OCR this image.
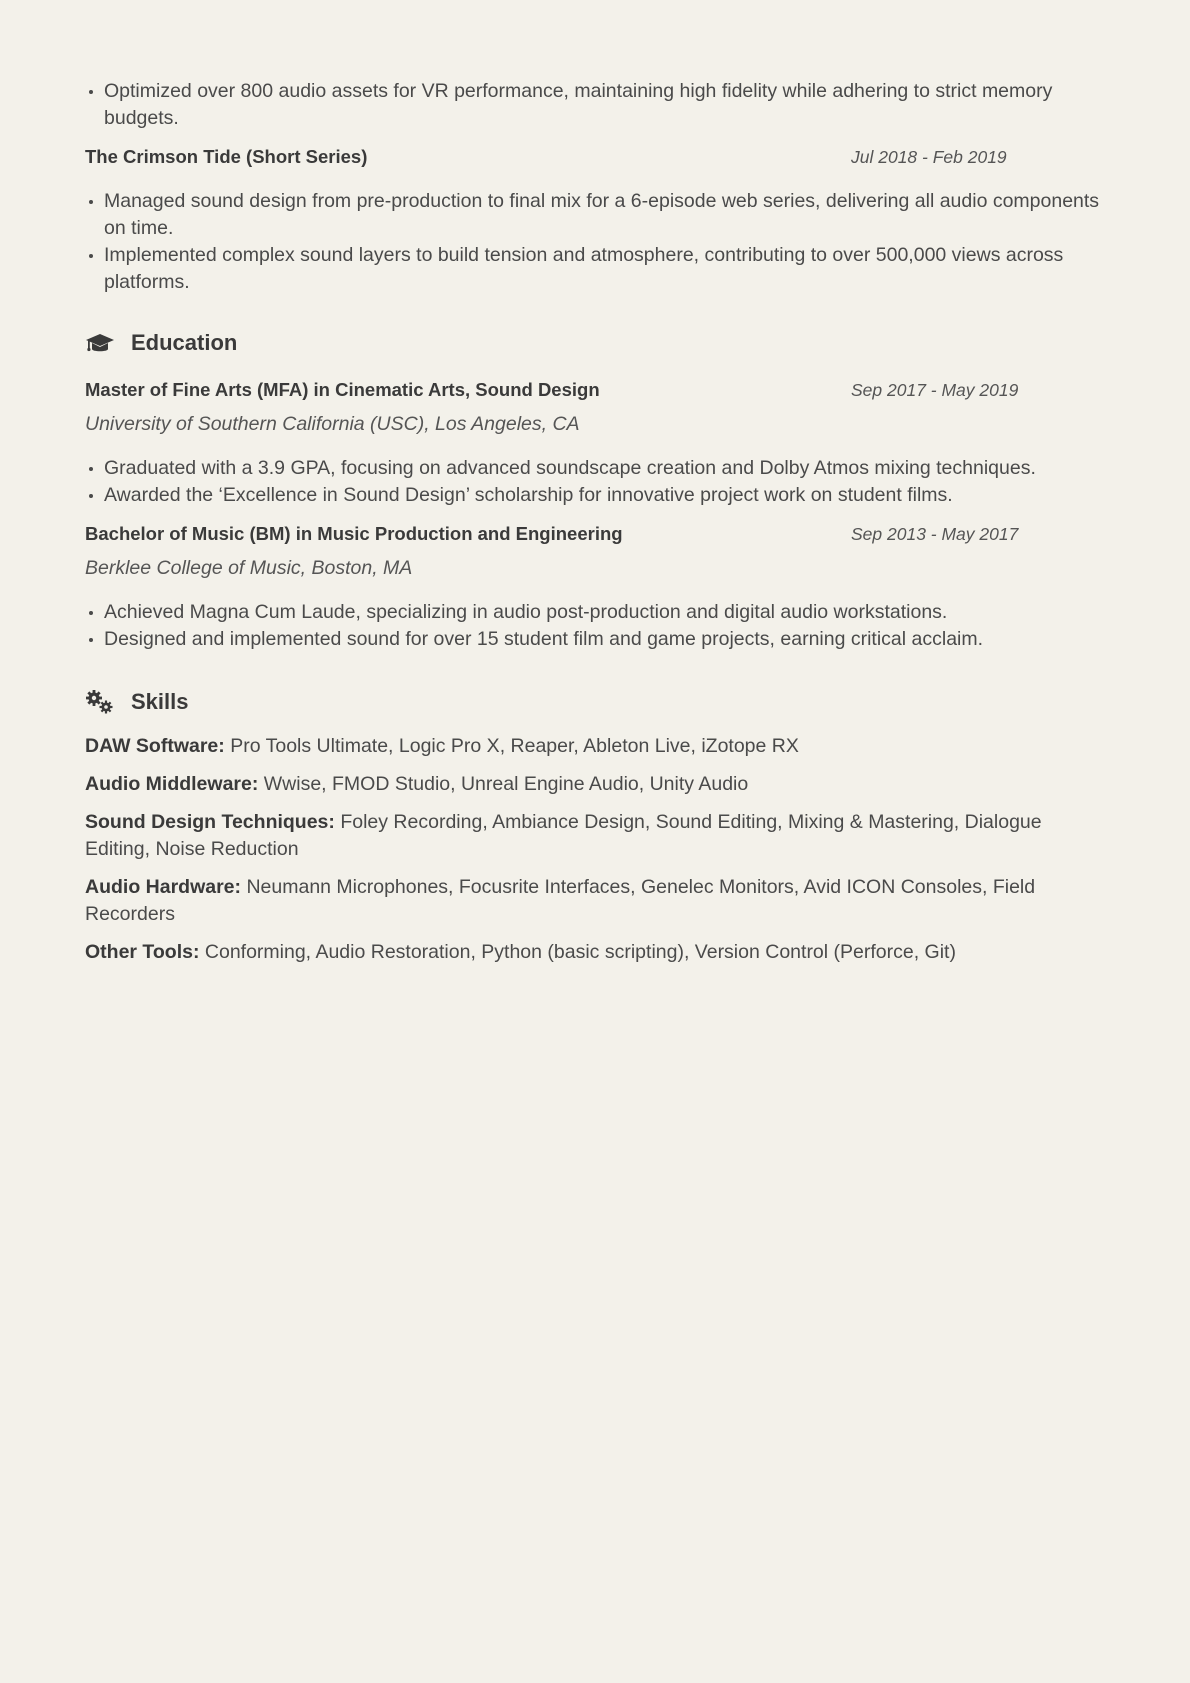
Optimized over 800 audio assets for VR performance, maintaining high fidelity while adhering to strict memory budgets.
The Crimson Tide (Short Series)	Jul 2018 - Feb 2019
Managed sound design from pre-production to final mix for a 6-episode web series, delivering all audio components on time.
Implemented complex sound layers to build tension and atmosphere, contributing to over 500,000 views across platforms.
Education
Master of Fine Arts (MFA) in Cinematic Arts, Sound Design	Sep 2017 - May 2019
University of Southern California (USC), Los Angeles, CA
Graduated with a 3.9 GPA, focusing on advanced soundscape creation and Dolby Atmos mixing techniques.
Awarded the ‘Excellence in Sound Design’ scholarship for innovative project work on student films.
Bachelor of Music (BM) in Music Production and Engineering	Sep 2013 - May 2017
Berklee College of Music, Boston, MA
Achieved Magna Cum Laude, specializing in audio post-production and digital audio workstations.
Designed and implemented sound for over 15 student film and game projects, earning critical acclaim.
Skills
DAW Software: Pro Tools Ultimate, Logic Pro X, Reaper, Ableton Live, iZotope RX
Audio Middleware: Wwise, FMOD Studio, Unreal Engine Audio, Unity Audio
Sound Design Techniques: Foley Recording, Ambiance Design, Sound Editing, Mixing & Mastering, Dialogue Editing, Noise Reduction
Audio Hardware: Neumann Microphones, Focusrite Interfaces, Genelec Monitors, Avid ICON Consoles, Field Recorders
Other Tools: Conforming, Audio Restoration, Python (basic scripting), Version Control (Perforce, Git)
